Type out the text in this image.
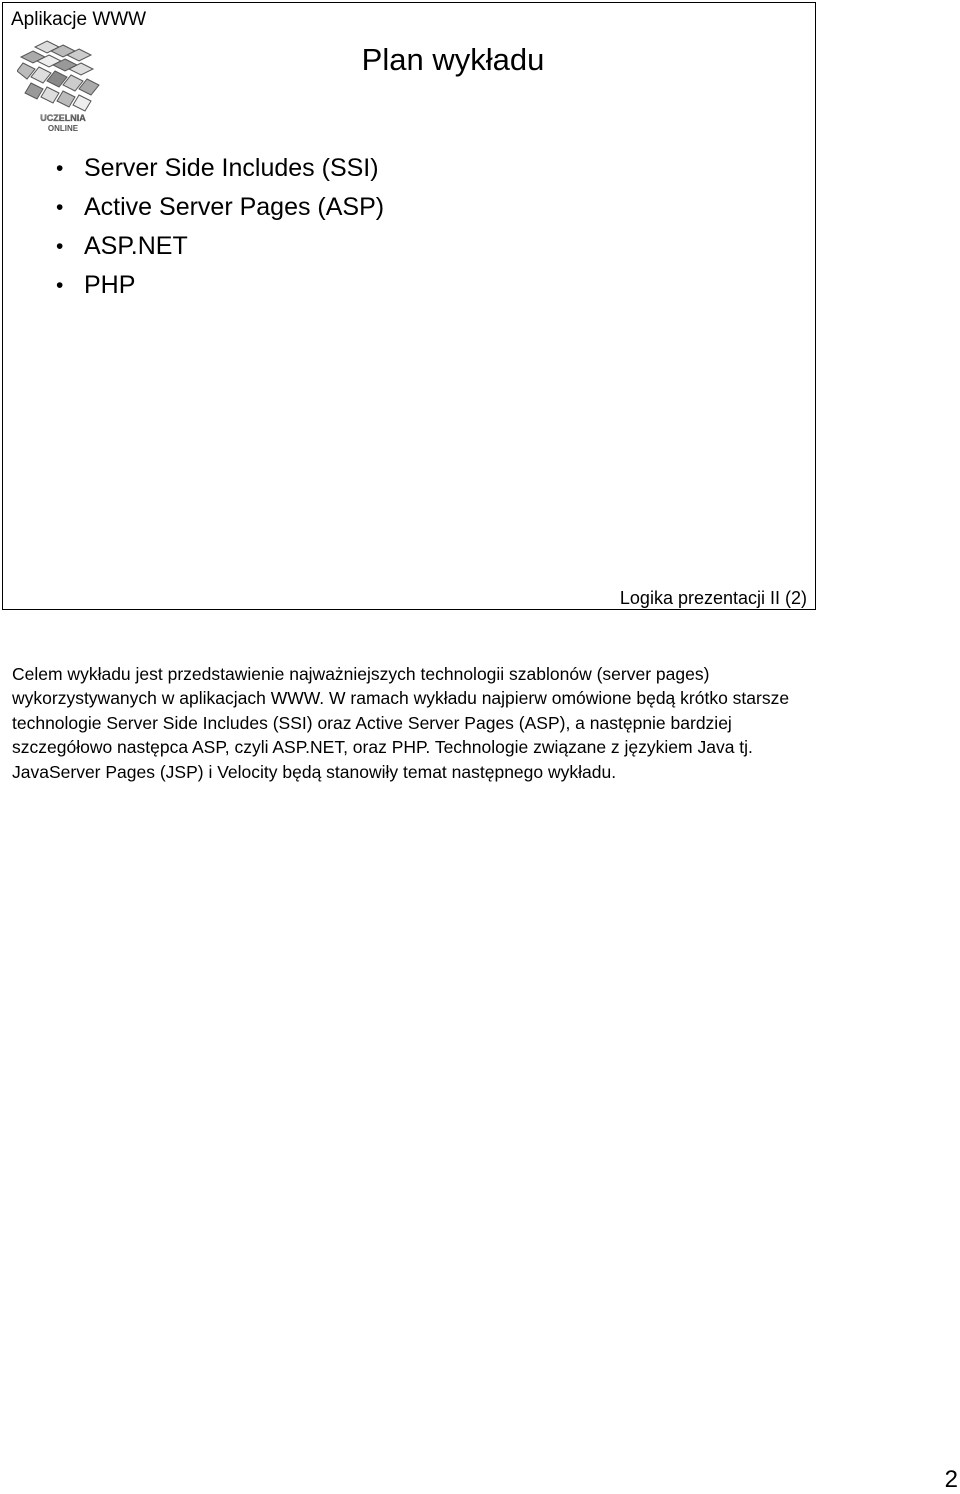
Aplikacje WWW
UCZELNIA
ONLINE
Plan wykładu
• Server Side Includes (SSI)
• Active Server Pages (ASP)
• ASP.NET
• PHP
Logika prezentacji II (2)

Celem wykładu jest przedstawienie najważniejszych technologii szablonów (server pages) wykorzystywanych w aplikacjach WWW. W ramach wykładu najpierw omówione będą krótko starsze technologie Server Side Includes (SSI) oraz Active Server Pages (ASP), a następnie bardziej szczegółowo następca ASP, czyli ASP.NET, oraz PHP. Technologie związane z językiem Java tj. JavaServer Pages (JSP) i Velocity będą stanowiły temat następnego wykładu.

2
